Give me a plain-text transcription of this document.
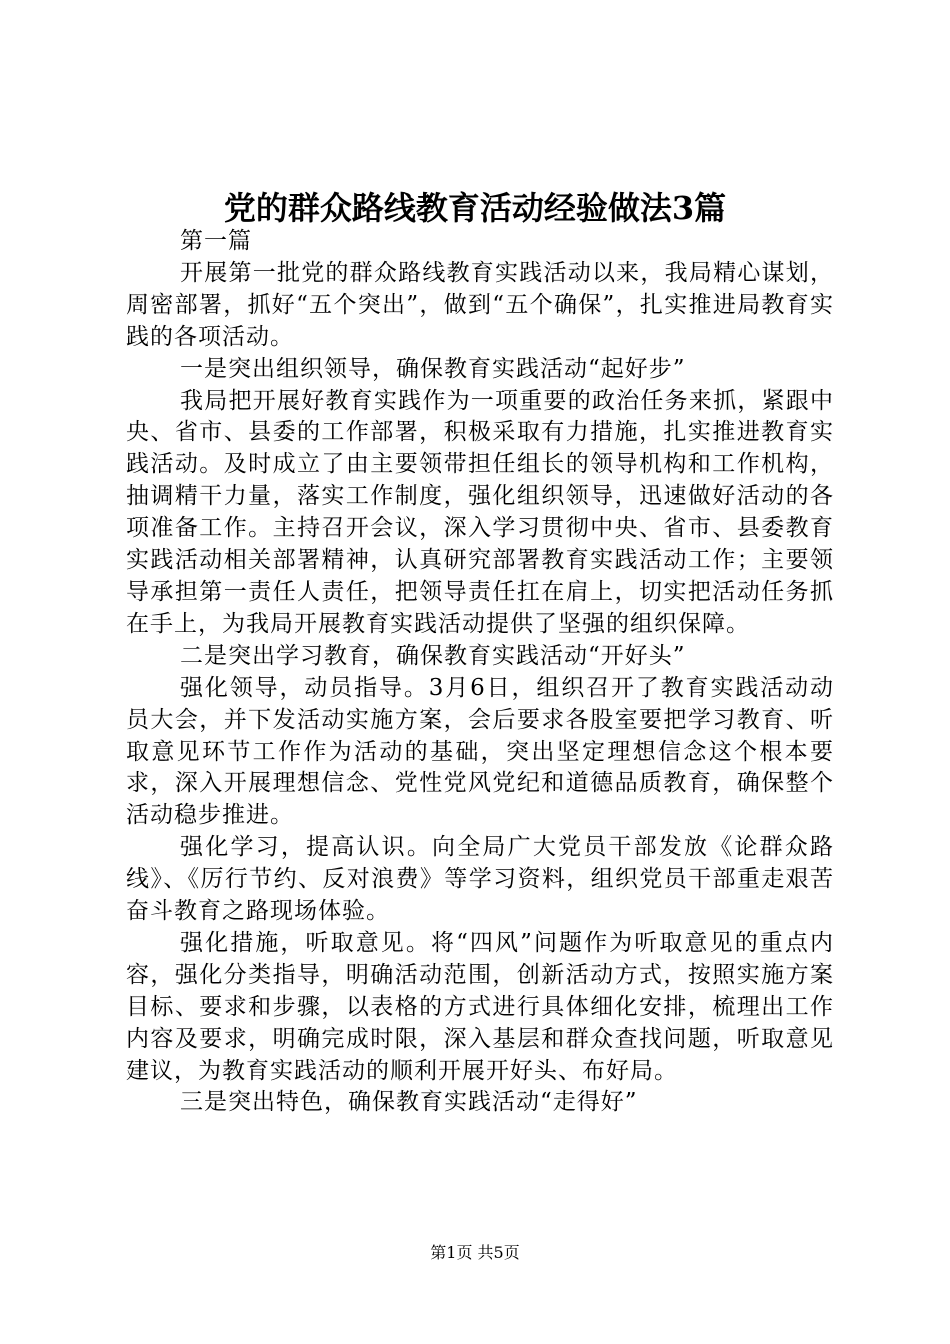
党的群众路线教育活动经验做法3篇

第一篇

开展第一批党的群众路线教育实践活动以来，我局精心谋划，周密部署，抓好“五个突出”，做到“五个确保”，扎实推进局教育实践的各项活动。

一是突出组织领导，确保教育实践活动“起好步”

我局把开展好教育实践作为一项重要的政治任务来抓，紧跟中央、省市、县委的工作部署，积极采取有力措施，扎实推进教育实践活动。及时成立了由主要领带担任组长的领导机构和工作机构，抽调精干力量，落实工作制度，强化组织领导，迅速做好活动的各项准备工作。主持召开会议，深入学习贯彻中央、省市、县委教育实践活动相关部署精神，认真研究部署教育实践活动工作；主要领导承担第一责任人责任，把领导责任扛在肩上，切实把活动任务抓在手上，为我局开展教育实践活动提供了坚强的组织保障。

二是突出学习教育，确保教育实践活动“开好头”

强化领导，动员指导。3月6日，组织召开了教育实践活动动员大会，并下发活动实施方案，会后要求各股室要把学习教育、听取意见环节工作作为活动的基础，突出坚定理想信念这个根本要求，深入开展理想信念、党性党风党纪和道德品质教育，确保整个活动稳步推进。

强化学习，提高认识。向全局广大党员干部发放《论群众路线》、《厉行节约、反对浪费》等学习资料，组织党员干部重走艰苦奋斗教育之路现场体验。

强化措施，听取意见。将“四风”问题作为听取意见的重点内容，强化分类指导，明确活动范围，创新活动方式，按照实施方案目标、要求和步骤，以表格的方式进行具体细化安排，梳理出工作内容及要求，明确完成时限，深入基层和群众查找问题，听取意见建议，为教育实践活动的顺利开展开好头、布好局。

三是突出特色，确保教育实践活动“走得好”

第1页 共5页
